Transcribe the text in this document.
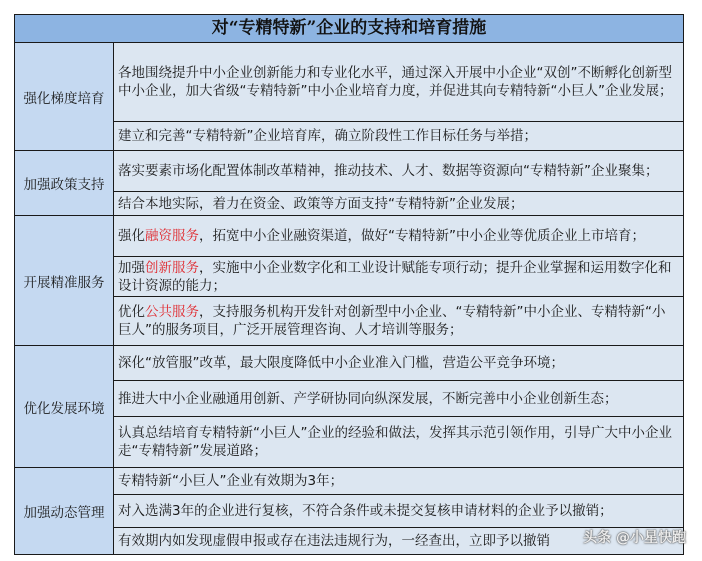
对“专精特新”企业的支持和培育措施
强化梯度培育
各地围绕提升中小企业创新能力和专业化水平，通过深入开展中小企业“双创”不断孵化创新型中小企业，加大省级“专精特新”中小企业培育力度，并促进其向专精特新“小巨人”企业发展；
建立和完善“专精特新”企业培育库，确立阶段性工作目标任务与举措；
加强政策支持
落实要素市场化配置体制改革精神，推动技术、人才、数据等资源向“专精特新”企业聚集；
结合本地实际，着力在资金、政策等方面支持“专精特新”企业发展；
开展精准服务
强化融资服务，拓宽中小企业融资渠道，做好“专精特新”中小企业等优质企业上市培育；
加强创新服务，实施中小企业数字化和工业设计赋能专项行动；提升企业掌握和运用数字化和设计资源的能力；
优化公共服务，支持服务机构开发针对创新型中小企业、“专精特新”中小企业、专精特新“小巨人”的服务项目，广泛开展管理咨询、人才培训等服务；
优化发展环境
深化“放管服”改革，最大限度降低中小企业准入门槛，营造公平竞争环境；
推进大中小企业融通用创新、产学研协同向纵深发展，不断完善中小企业创新生态；
认真总结培育专精特新“小巨人”企业的经验和做法，发挥其示范引领作用，引导广大中小企业走“专精特新”发展道路；
加强动态管理
专精特新“小巨人”企业有效期为3年；
对入选满3年的企业进行复核，不符合条件或未提交复核申请材料的企业予以撤销；
有效期内如发现虚假申报或存在违法违规行为，一经查出，立即予以撤销 头条 @小星快跑
